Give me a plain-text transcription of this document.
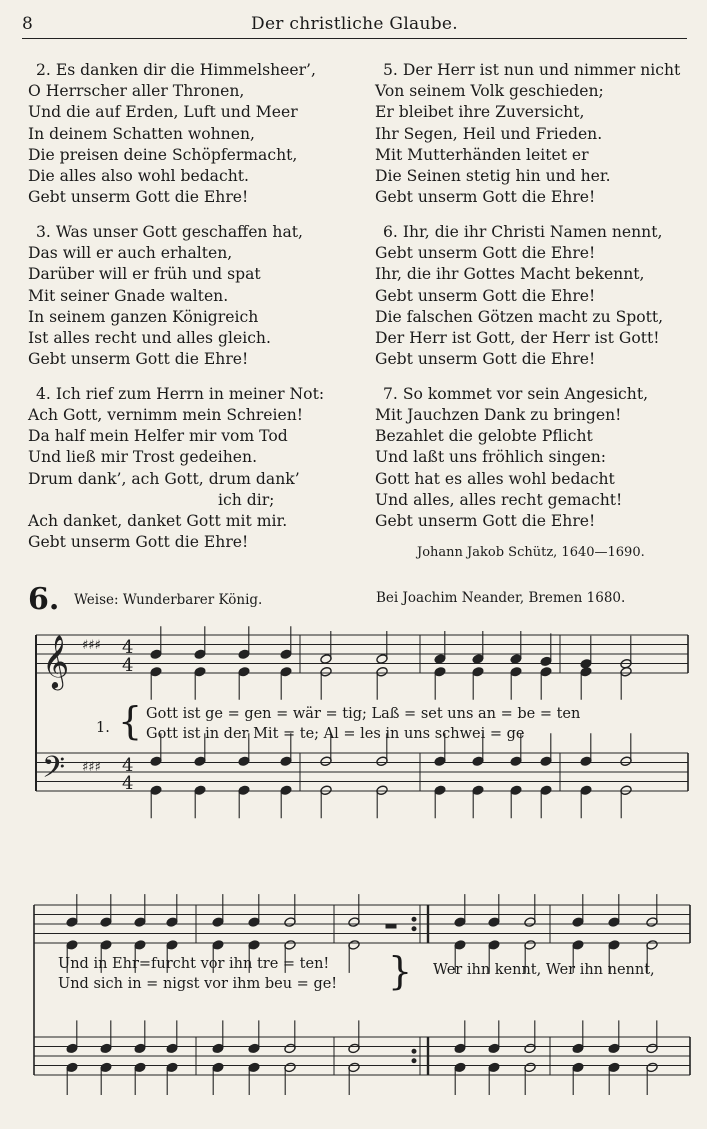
8	Der christliche Glaube.
2. Es danken dir die Himmelsheer’,
O Herrscher aller Thronen,
Und die auf Erden, Luft und Meer
In deinem Schatten wohnen,
Die preisen deine Schöpfermacht,
Die alles also wohl bedacht.
Gebt unserm Gott die Ehre!
3. Was unser Gott geschaffen hat,
Das will er auch erhalten,
Darüber will er früh und spat
Mit seiner Gnade walten.
In seinem ganzen Königreich
Ist alles recht und alles gleich.
Gebt unserm Gott die Ehre!
4. Ich rief zum Herrn in meiner Not:
Ach Gott, vernimm mein Schreien!
Da half mein Helfer mir vom Tod
Und ließ mir Trost gedeihen.
Drum dank’, ach Gott, drum dank’
ich dir;
Ach danket, danket Gott mit mir.
Gebt unserm Gott die Ehre!
5. Der Herr ist nun und nimmer nicht
Von seinem Volk geschieden;
Er bleibet ihre Zuversicht,
Ihr Segen, Heil und Frieden.
Mit Mutterhänden leitet er
Die Seinen stetig hin und her.
Gebt unserm Gott die Ehre!
6. Ihr, die ihr Christi Namen nennt,
Gebt unserm Gott die Ehre!
Ihr, die ihr Gottes Macht bekennt,
Gebt unserm Gott die Ehre!
Die falschen Götzen macht zu Spott,
Der Herr ist Gott, der Herr ist Gott!
Gebt unserm Gott die Ehre!
7. So kommet vor sein Angesicht,
Mit Jauchzen Dank zu bringen!
Bezahlet die gelobte Pflicht
Und laßt uns fröhlich singen:
Gott hat es alles wohl bedacht
Und alles, alles recht gemacht!
Gebt unserm Gott die Ehre!
Johann Jakob Schütz, 1640—1690.
6. Weise: Wunderbarer König.	Bei Joachim Neander, Bremen 1680.
𝄞
𝄢
♯♯♯
♯♯♯
4
4
4
4
1. { Gott ist ge = gen = wär = tig; Laß = set uns an = be = ten
Gott ist in der Mit = te; Al = les in uns schwei = ge
Und in Ehr=furcht vor ihn tre = ten!
Und sich in = nigst vor ihm beu = ge! } Wer ihn kennt, Wer ihn nennt,
